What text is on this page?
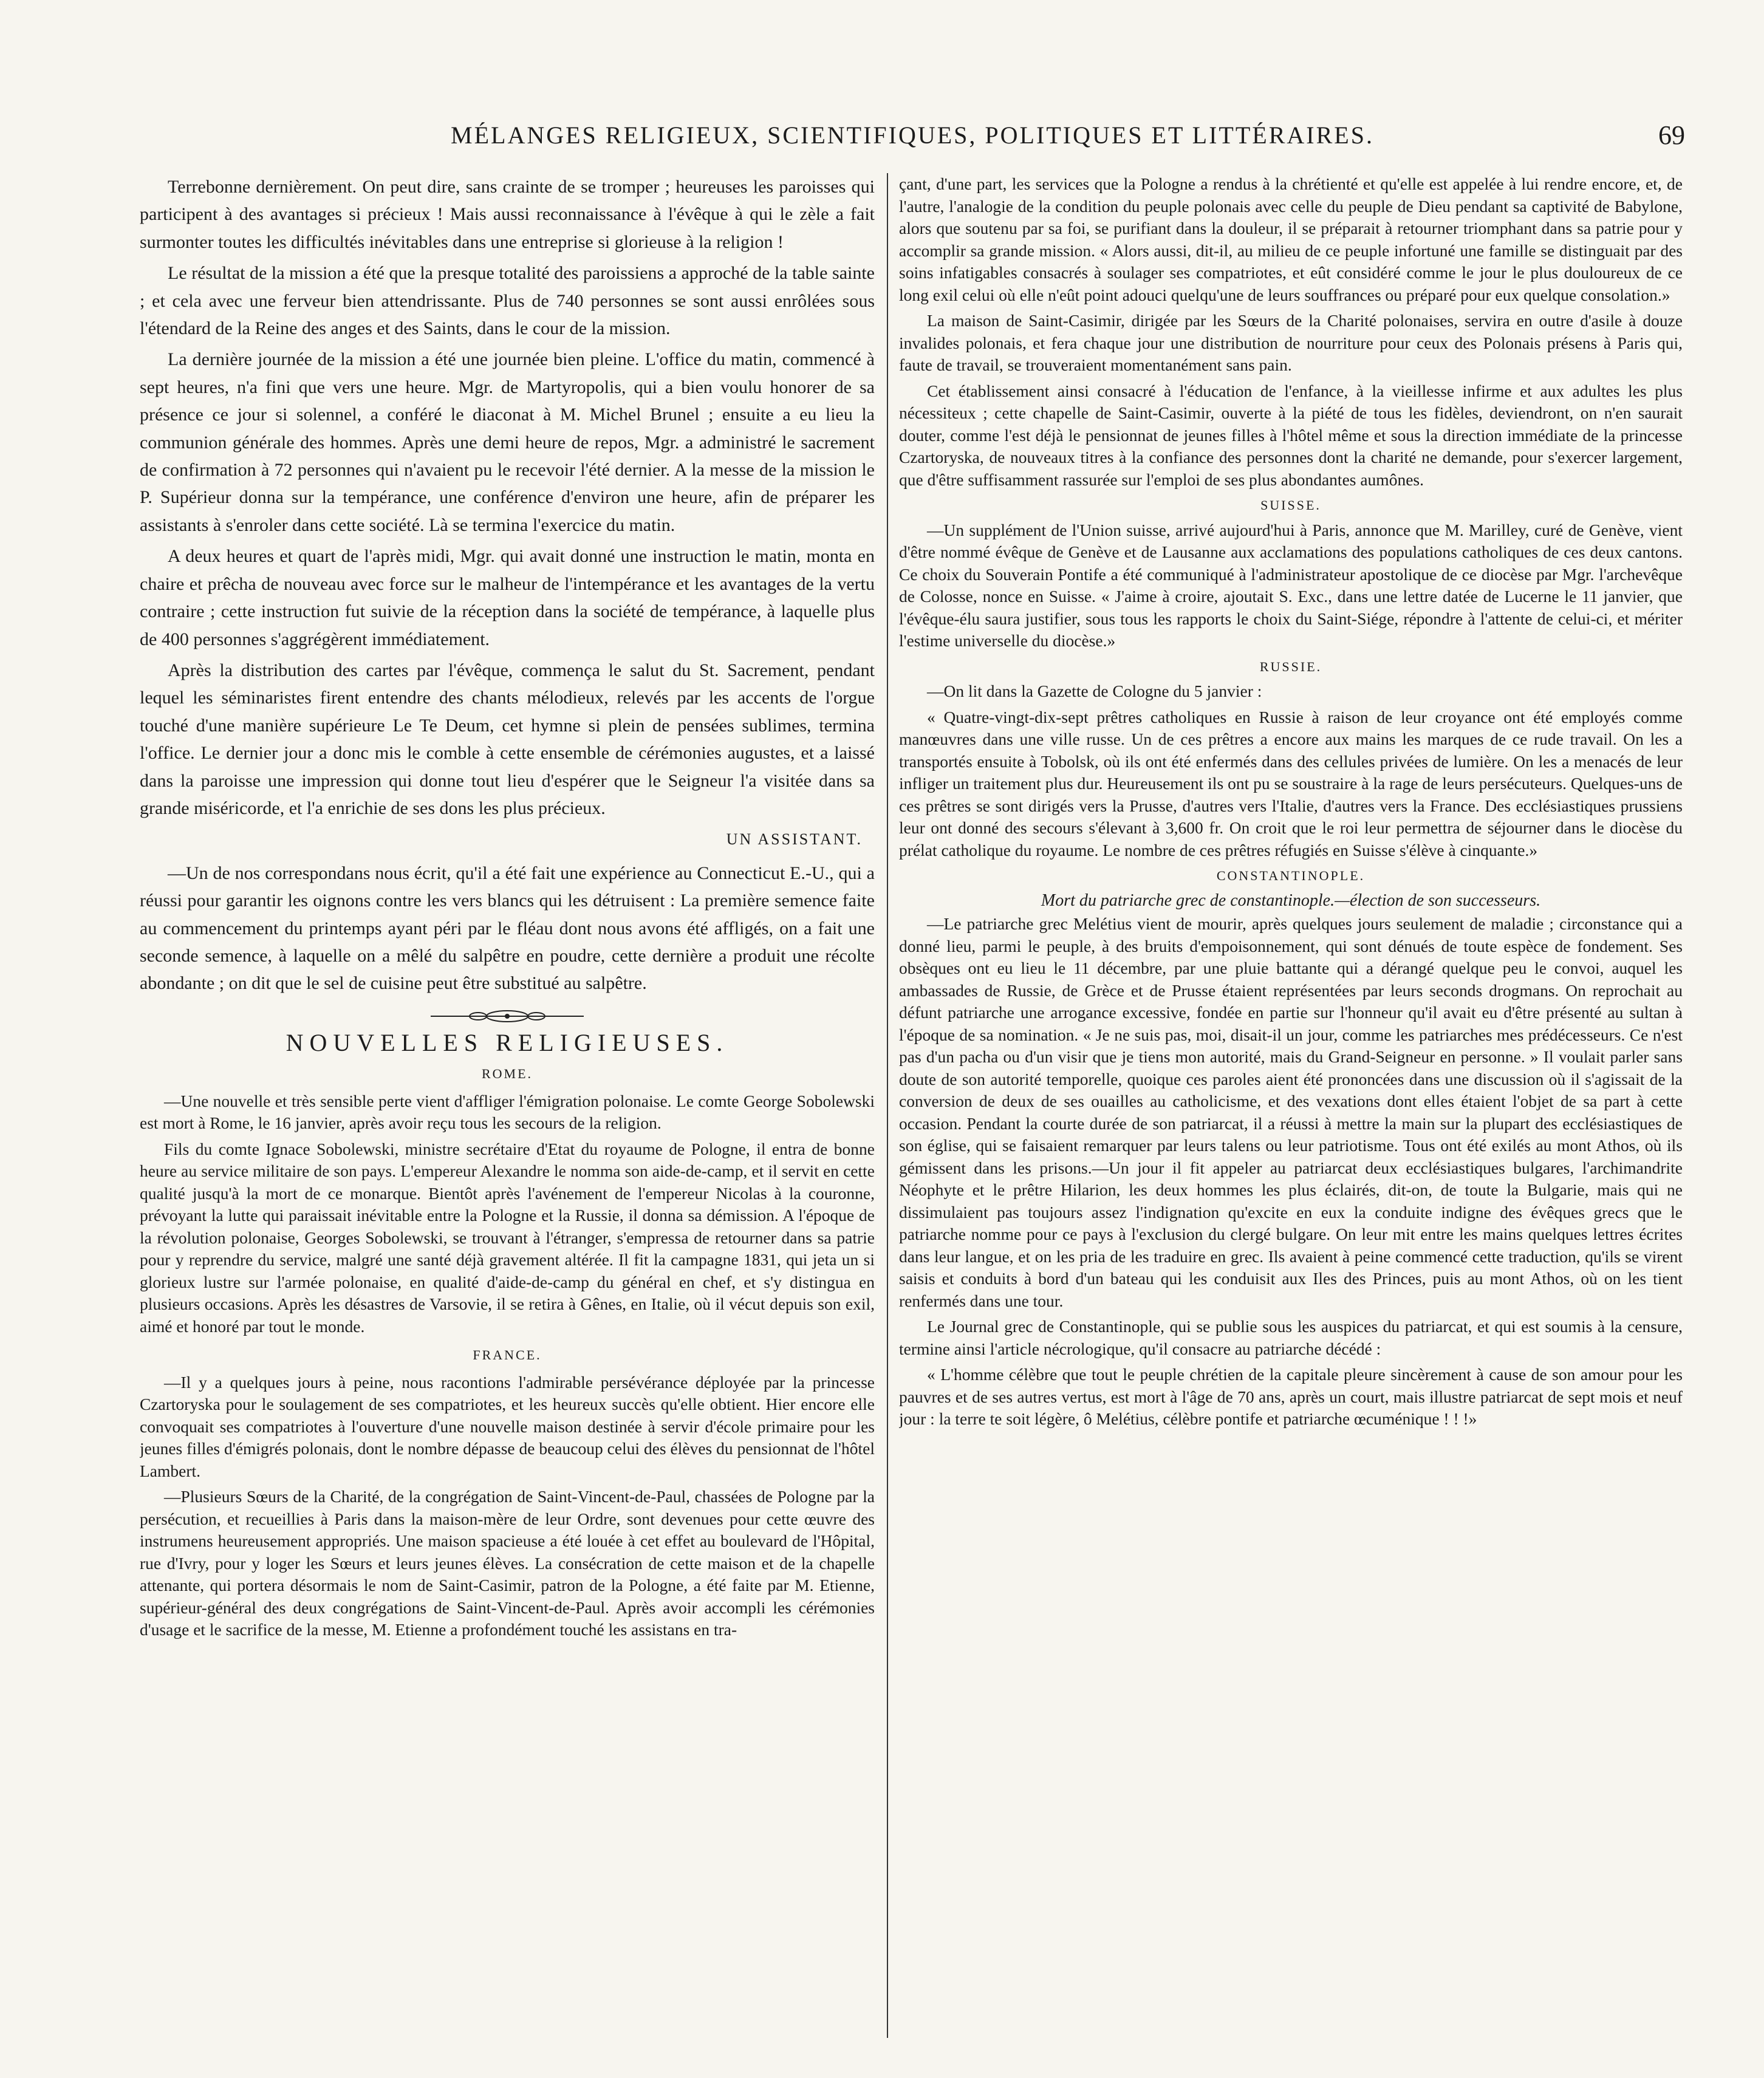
MÉLANGES RELIGIEUX, SCIENTIFIQUES, POLITIQUES ET LITTÉRAIRES.	69

Terrebonne dernièrement. On peut dire, sans crainte de se tromper ; heureuses les paroisses qui participent à des avantages si précieux ! Mais aussi reconnaissance à l'évêque à qui le zèle a fait surmonter toutes les difficultés inévitables dans une entreprise si glorieuse à la religion !

Le résultat de la mission a été que la presque totalité des paroissiens a approché de la table sainte ; et cela avec une ferveur bien attendrissante. Plus de 740 personnes se sont aussi enrôlées sous l'étendard de la Reine des anges et des Saints, dans le cour de la mission.

La dernière journée de la mission a été une journée bien pleine. L'office du matin, commencé à sept heures, n'a fini que vers une heure. Mgr. de Martyropolis, qui a bien voulu honorer de sa présence ce jour si solennel, a conféré le diaconat à M. Michel Brunel ; ensuite a eu lieu la communion générale des hommes. Après une demi heure de repos, Mgr. a administré le sacrement de confirmation à 72 personnes qui n'avaient pu le recevoir l'été dernier. A la messe de la mission le P. Supérieur donna sur la tempérance, une conférence d'environ une heure, afin de préparer les assistants à s'enroler dans cette société. Là se termina l'exercice du matin.

A deux heures et quart de l'après midi, Mgr. qui avait donné une instruction le matin, monta en chaire et prêcha de nouveau avec force sur le malheur de l'intempérance et les avantages de la vertu contraire ; cette instruction fut suivie de la réception dans la société de tempérance, à laquelle plus de 400 personnes s'aggrégèrent immédiatement.

Après la distribution des cartes par l'évêque, commença le salut du St. Sacrement, pendant lequel les séminaristes firent entendre des chants mélodieux, relevés par les accents de l'orgue touché d'une manière supérieure Le Te Deum, cet hymne si plein de pensées sublimes, termina l'office. Le dernier jour a donc mis le comble à cette ensemble de cérémonies augustes, et a laissé dans la paroisse une impression qui donne tout lieu d'espérer que le Seigneur l'a visitée dans sa grande miséricorde, et l'a enrichie de ses dons les plus précieux.

UN ASSISTANT.

—Un de nos correspondans nous écrit, qu'il a été fait une expérience au Connecticut E.-U., qui a réussi pour garantir les oignons contre les vers blancs qui les détruisent : La première semence faite au commencement du printemps ayant péri par le fléau dont nous avons été affligés, on a fait une seconde semence, à laquelle on a mêlé du salpêtre en poudre, cette dernière a produit une récolte abondante ; on dit que le sel de cuisine peut être substitué au salpêtre.

NOUVELLES RELIGIEUSES.
ROME.

—Une nouvelle et très sensible perte vient d'affliger l'émigration polonaise. Le comte George Sobolewski est mort à Rome, le 16 janvier, après avoir reçu tous les secours de la religion.

Fils du comte Ignace Sobolewski, ministre secrétaire d'Etat du royaume de Pologne, il entra de bonne heure au service militaire de son pays. L'empereur Alexandre le nomma son aide-de-camp, et il servit en cette qualité jusqu'à la mort de ce monarque. Bientôt après l'avénement de l'empereur Nicolas à la couronne, prévoyant la lutte qui paraissait inévitable entre la Pologne et la Russie, il donna sa démission. A l'époque de la révolution polonaise, Georges Sobolewski, se trouvant à l'étranger, s'empressa de retourner dans sa patrie pour y reprendre du service, malgré une santé déjà gravement altérée. Il fit la campagne 1831, qui jeta un si glorieux lustre sur l'armée polonaise, en qualité d'aide-de-camp du général en chef, et s'y distingua en plusieurs occasions. Après les désastres de Varsovie, il se retira à Gênes, en Italie, où il vécut depuis son exil, aimé et honoré par tout le monde.

FRANCE.

—Il y a quelques jours à peine, nous racontions l'admirable persévérance déployée par la princesse Czartoryska pour le soulagement de ses compatriotes, et les heureux succès qu'elle obtient. Hier encore elle convoquait ses compatriotes à l'ouverture d'une nouvelle maison destinée à servir d'école primaire pour les jeunes filles d'émigrés polonais, dont le nombre dépasse de beaucoup celui des élèves du pensionnat de l'hôtel Lambert.

—Plusieurs Sœurs de la Charité, de la congrégation de Saint-Vincent-de-Paul, chassées de Pologne par la persécution, et recueillies à Paris dans la maison-mère de leur Ordre, sont devenues pour cette œuvre des instrumens heureusement appropriés. Une maison spacieuse a été louée à cet effet au boulevard de l'Hôpital, rue d'Ivry, pour y loger les Sœurs et leurs jeunes élèves. La consécration de cette maison et de la chapelle attenante, qui portera désormais le nom de Saint-Casimir, patron de la Pologne, a été faite par M. Etienne, supérieur-général des deux congrégations de Saint-Vincent-de-Paul. Après avoir accompli les cérémonies d'usage et le sacrifice de la messe, M. Etienne a profondément touché les assistans en tra-

çant, d'une part, les services que la Pologne a rendus à la chrétienté et qu'elle est appelée à lui rendre encore, et, de l'autre, l'analogie de la condition du peuple polonais avec celle du peuple de Dieu pendant sa captivité de Babylone, alors que soutenu par sa foi, se purifiant dans la douleur, il se préparait à retourner triomphant dans sa patrie pour y accomplir sa grande mission. « Alors aussi, dit-il, au milieu de ce peuple infortuné une famille se distinguait par des soins infatigables consacrés à soulager ses compatriotes, et eût considéré comme le jour le plus douloureux de ce long exil celui où elle n'eût point adouci quelqu'une de leurs souffrances ou préparé pour eux quelque consolation.»

La maison de Saint-Casimir, dirigée par les Sœurs de la Charité polonaises, servira en outre d'asile à douze invalides polonais, et fera chaque jour une distribution de nourriture pour ceux des Polonais présens à Paris qui, faute de travail, se trouveraient momentanément sans pain.

Cet établissement ainsi consacré à l'éducation de l'enfance, à la vieillesse infirme et aux adultes les plus nécessiteux ; cette chapelle de Saint-Casimir, ouverte à la piété de tous les fidèles, deviendront, on n'en saurait douter, comme l'est déjà le pensionnat de jeunes filles à l'hôtel même et sous la direction immédiate de la princesse Czartoryska, de nouveaux titres à la confiance des personnes dont la charité ne demande, pour s'exercer largement, que d'être suffisamment rassurée sur l'emploi de ses plus abondantes aumônes.

SUISSE.

—Un supplément de l'Union suisse, arrivé aujourd'hui à Paris, annonce que M. Marilley, curé de Genève, vient d'être nommé évêque de Genève et de Lausanne aux acclamations des populations catholiques de ces deux cantons. Ce choix du Souverain Pontife a été communiqué à l'administrateur apostolique de ce diocèse par Mgr. l'archevêque de Colosse, nonce en Suisse. « J'aime à croire, ajoutait S. Exc., dans une lettre datée de Lucerne le 11 janvier, que l'évêque-élu saura justifier, sous tous les rapports le choix du Saint-Siége, répondre à l'attente de celui-ci, et mériter l'estime universelle du diocèse.»

RUSSIE.

—On lit dans la Gazette de Cologne du 5 janvier :

« Quatre-vingt-dix-sept prêtres catholiques en Russie à raison de leur croyance ont été employés comme manœuvres dans une ville russe. Un de ces prêtres a encore aux mains les marques de ce rude travail. On les a transportés ensuite à Tobolsk, où ils ont été enfermés dans des cellules privées de lumière. On les a menacés de leur infliger un traitement plus dur. Heureusement ils ont pu se soustraire à la rage de leurs persécuteurs. Quelques-uns de ces prêtres se sont dirigés vers la Prusse, d'autres vers l'Italie, d'autres vers la France. Des ecclésiastiques prussiens leur ont donné des secours s'élevant à 3,600 fr. On croit que le roi leur permettra de séjourner dans le diocèse du prélat catholique du royaume. Le nombre de ces prêtres réfugiés en Suisse s'élève à cinquante.»

CONSTANTINOPLE.
Mort du patriarche grec de constantinople.—élection de son successeurs.

—Le patriarche grec Melétius vient de mourir, après quelques jours seulement de maladie ; circonstance qui a donné lieu, parmi le peuple, à des bruits d'empoisonnement, qui sont dénués de toute espèce de fondement. Ses obsèques ont eu lieu le 11 décembre, par une pluie battante qui a dérangé quelque peu le convoi, auquel les ambassades de Russie, de Grèce et de Prusse étaient représentées par leurs seconds drogmans. On reprochait au défunt patriarche une arrogance excessive, fondée en partie sur l'honneur qu'il avait eu d'être présenté au sultan à l'époque de sa nomination. « Je ne suis pas, moi, disait-il un jour, comme les patriarches mes prédécesseurs. Ce n'est pas d'un pacha ou d'un visir que je tiens mon autorité, mais du Grand-Seigneur en personne. » Il voulait parler sans doute de son autorité temporelle, quoique ces paroles aient été prononcées dans une discussion où il s'agissait de la conversion de deux de ses ouailles au catholicisme, et des vexations dont elles étaient l'objet de sa part à cette occasion. Pendant la courte durée de son patriarcat, il a réussi à mettre la main sur la plupart des ecclésiastiques de son église, qui se faisaient remarquer par leurs talens ou leur patriotisme. Tous ont été exilés au mont Athos, où ils gémissent dans les prisons.—Un jour il fit appeler au patriarcat deux ecclésiastiques bulgares, l'archimandrite Néophyte et le prêtre Hilarion, les deux hommes les plus éclairés, dit-on, de toute la Bulgarie, mais qui ne dissimulaient pas toujours assez l'indignation qu'excite en eux la conduite indigne des évêques grecs que le patriarche nomme pour ce pays à l'exclusion du clergé bulgare. On leur mit entre les mains quelques lettres écrites dans leur langue, et on les pria de les traduire en grec. Ils avaient à peine commencé cette traduction, qu'ils se virent saisis et conduits à bord d'un bateau qui les conduisit aux Iles des Princes, puis au mont Athos, où on les tient renfermés dans une tour.

Le Journal grec de Constantinople, qui se publie sous les auspices du patriarcat, et qui est soumis à la censure, termine ainsi l'article nécrologique, qu'il consacre au patriarche décédé :

« L'homme célèbre que tout le peuple chrétien de la capitale pleure sincèrement à cause de son amour pour les pauvres et de ses autres vertus, est mort à l'âge de 70 ans, après un court, mais illustre patriarcat de sept mois et neuf jour : la terre te soit légère, ô Melétius, célèbre pontife et patriarche œcuménique ! ! !»
